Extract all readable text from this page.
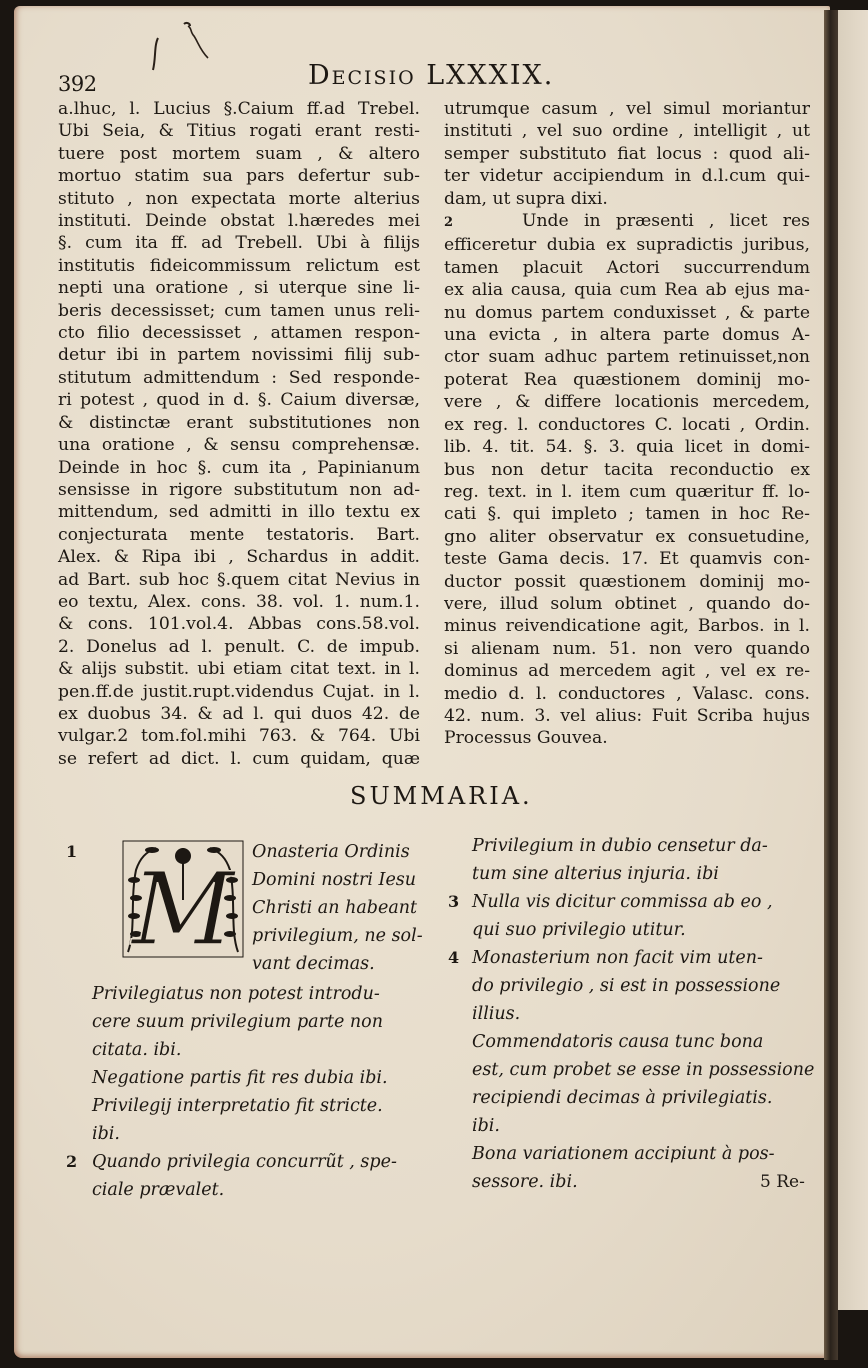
392	Decisio LXXXIX.
a.lhuc, l. Lucius §.Caium ff.ad Trebel.
Ubi Seia, & Titius rogati erant resti-
tuere post mortem suam , & altero
mortuo statim sua pars defertur sub-
stituto , non expectata morte alterius
instituti. Deinde obstat l.hæredes mei
§. cum ita ff. ad Trebell. Ubi à filijs
institutis fideicommissum relictum est
nepti una oratione , si uterque sine li-
beris decessisset; cum tamen unus reli-
cto filio decessisset , attamen respon-
detur ibi in partem novissimi filij sub-
stitutum admittendum : Sed responde-
ri potest , quod in d. §. Caium diversæ,
& distinctæ erant substitutiones non
una oratione , & sensu comprehensæ.
Deinde in hoc §. cum ita , Papinianum
sensisse in rigore substitutum non ad-
mittendum, sed admitti in illo textu ex
conjecturata mente testatoris. Bart.
Alex. & Ripa ibi , Schardus in addit.
ad Bart. sub hoc §.quem citat Nevius in
eo textu, Alex. cons. 38. vol. 1. num.1.
& cons. 101.vol.4. Abbas cons.58.vol.
2. Donelus ad l. penult. C. de impub.
& alijs substit. ubi etiam citat text. in l.
pen.ff.de justit.rupt.videndus Cujat. in l.
ex duobus 34. & ad l. qui duos 42. de
vulgar.2 tom.fol.mihi 763. & 764. Ubi
se refert ad dict. l. cum quidam, quæ
utrumque casum , vel simul moriantur
instituti , vel suo ordine , intelligit , ut
semper substituto fiat locus : quod ali-
ter videtur accipiendum in d.l.cum qui-
dam, ut supra dixi.
2	Unde in præsenti , licet res
efficeretur dubia ex supradictis juribus,
tamen placuit Actori succurrendum
ex alia causa, quia cum Rea ab ejus ma-
nu domus partem conduxisset , & parte
una evicta , in altera parte domus A-
ctor suam adhuc partem retinuisset,non
poterat Rea quæstionem dominij mo-
vere , & differe locationis mercedem,
ex reg. l. conductores C. locati , Ordin.
lib. 4. tit. 54. §. 3. quia licet in domi-
bus non detur tacita reconductio ex
reg. text. in l. item cum quæritur ff. lo-
cati §. qui impleto ; tamen in hoc Re-
gno aliter observatur ex consuetudine,
teste Gama decis. 17. Et quamvis con-
ductor possit quæstionem dominij mo-
vere, illud solum obtinet , quando do-
minus reivendicatione agit, Barbos. in l.
si alienam num. 51. non vero quando
dominus ad mercedem agit , vel ex re-
medio d. l. conductores , Valasc. cons.
42. num. 3. vel alius: Fuit Scriba hujus
Processus Gouvea.
SUMMARIA.
1 M Onasteria Ordinis
Domini nostri Iesu
Christi an habeant
privilegium, ne sol-
vant decimas.
Privilegiatus non potest introdu-
cere suum privilegium parte non
citata. ibi.
Negatione partis fit res dubia ibi.
Privilegij interpretatio fit stricte.
ibi.
2 Quando privilegia concurrũt , spe-
ciale prævalet.
Privilegium in dubio censetur da-
tum sine alterius injuria. ibi
3 Nulla vis dicitur commissa ab eo ,
qui suo privilegio utitur.
4 Monasterium non facit vim uten-
do privilegio , si est in possessione
illius.
Commendatoris causa tunc bona
est, cum probet se esse in possessione
recipiendi decimas à privilegiatis.
ibi.
Bona variationem accipiunt à pos-
sessore. ibi.	5 Re-
